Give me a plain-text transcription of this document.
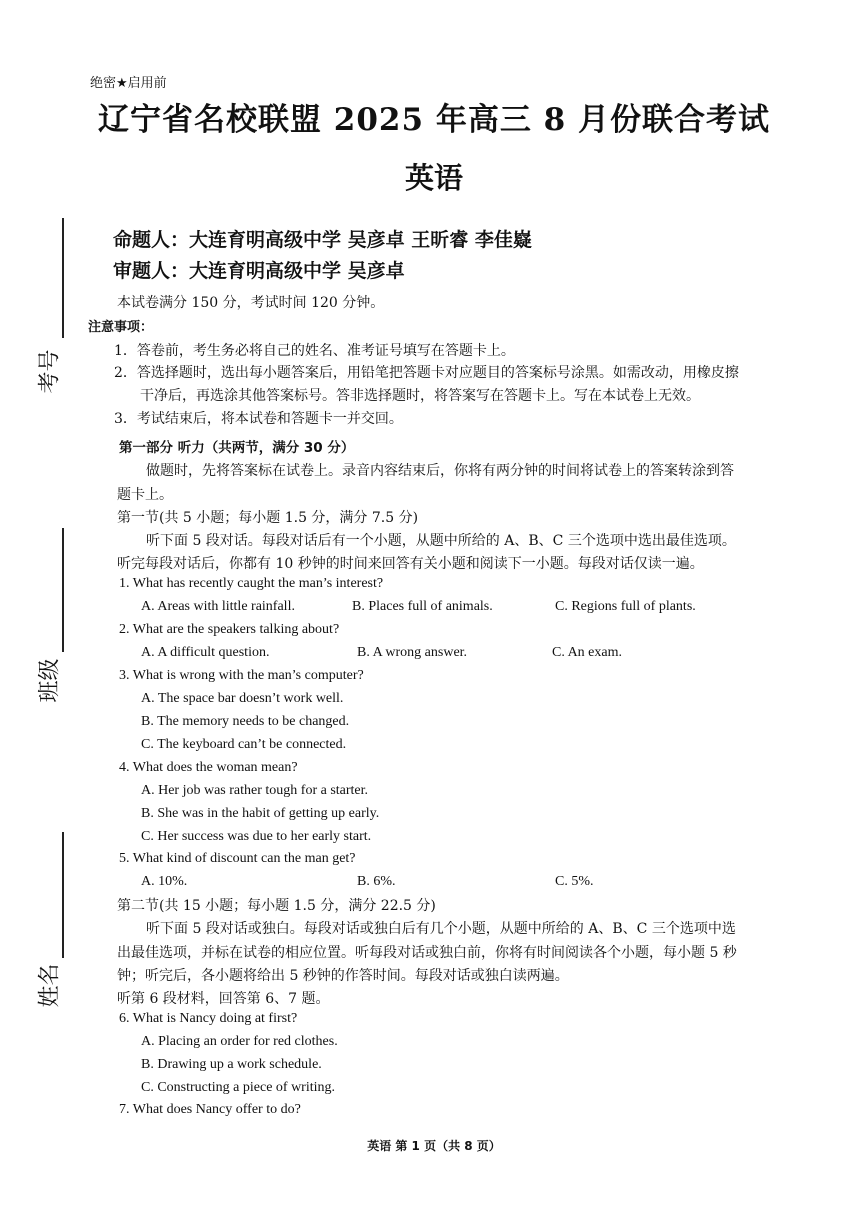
考号
班级
姓名
绝密★启用前
辽宁省名校联盟 2025 年高三 8 月份联合考试
英语
命题人：大连育明高级中学 吴彦卓 王昕睿 李佳嶷
审题人：大连育明高级中学 吴彦卓
本试卷满分 150 分，考试时间 120 分钟。
注意事项：
1．答卷前，考生务必将自己的姓名、准考证号填写在答题卡上。
2．答选择题时，选出每小题答案后，用铅笔把答题卡对应题目的答案标号涂黑。如需改动，用橡皮擦
干净后，再选涂其他答案标号。答非选择题时，将答案写在答题卡上。写在本试卷上无效。
3．考试结束后，将本试卷和答题卡一并交回。
第一部分 听力（共两节，满分 30 分）
做题时，先将答案标在试卷上。录音内容结束后，你将有两分钟的时间将试卷上的答案转涂到答
题卡上。
第一节(共 5 小题；每小题 1.5 分，满分 7.5 分)
听下面 5 段对话。每段对话后有一个小题，从题中所给的 A、B、C 三个选项中选出最佳选项。
听完每段对话后，你都有 10 秒钟的时间来回答有关小题和阅读下一小题。每段对话仅读一遍。
1. What has recently caught the man’s interest?
A. Areas with little rainfall.	B. Places full of animals.	C. Regions full of plants.
2. What are the speakers talking about?
A. A difficult question.	B. A wrong answer.	C. An exam.
3. What is wrong with the man’s computer?
A. The space bar doesn’t work well.
B. The memory needs to be changed.
C. The keyboard can’t be connected.
4. What does the woman mean?
A. Her job was rather tough for a starter.
B. She was in the habit of getting up early.
C. Her success was due to her early start.
5. What kind of discount can the man get?
A. 10%.	B. 6%.	C. 5%.
第二节(共 15 小题；每小题 1.5 分，满分 22.5 分)
听下面 5 段对话或独白。每段对话或独白后有几个小题，从题中所给的 A、B、C 三个选项中选
出最佳选项，并标在试卷的相应位置。听每段对话或独白前，你将有时间阅读各个小题，每小题 5 秒
钟；听完后，各小题将给出 5 秒钟的作答时间。每段对话或独白读两遍。
听第 6 段材料，回答第 6、7 题。
6. What is Nancy doing at first?
A. Placing an order for red clothes.
B. Drawing up a work schedule.
C. Constructing a piece of writing.
7. What does Nancy offer to do?
英语 第 1 页（共 8 页）
